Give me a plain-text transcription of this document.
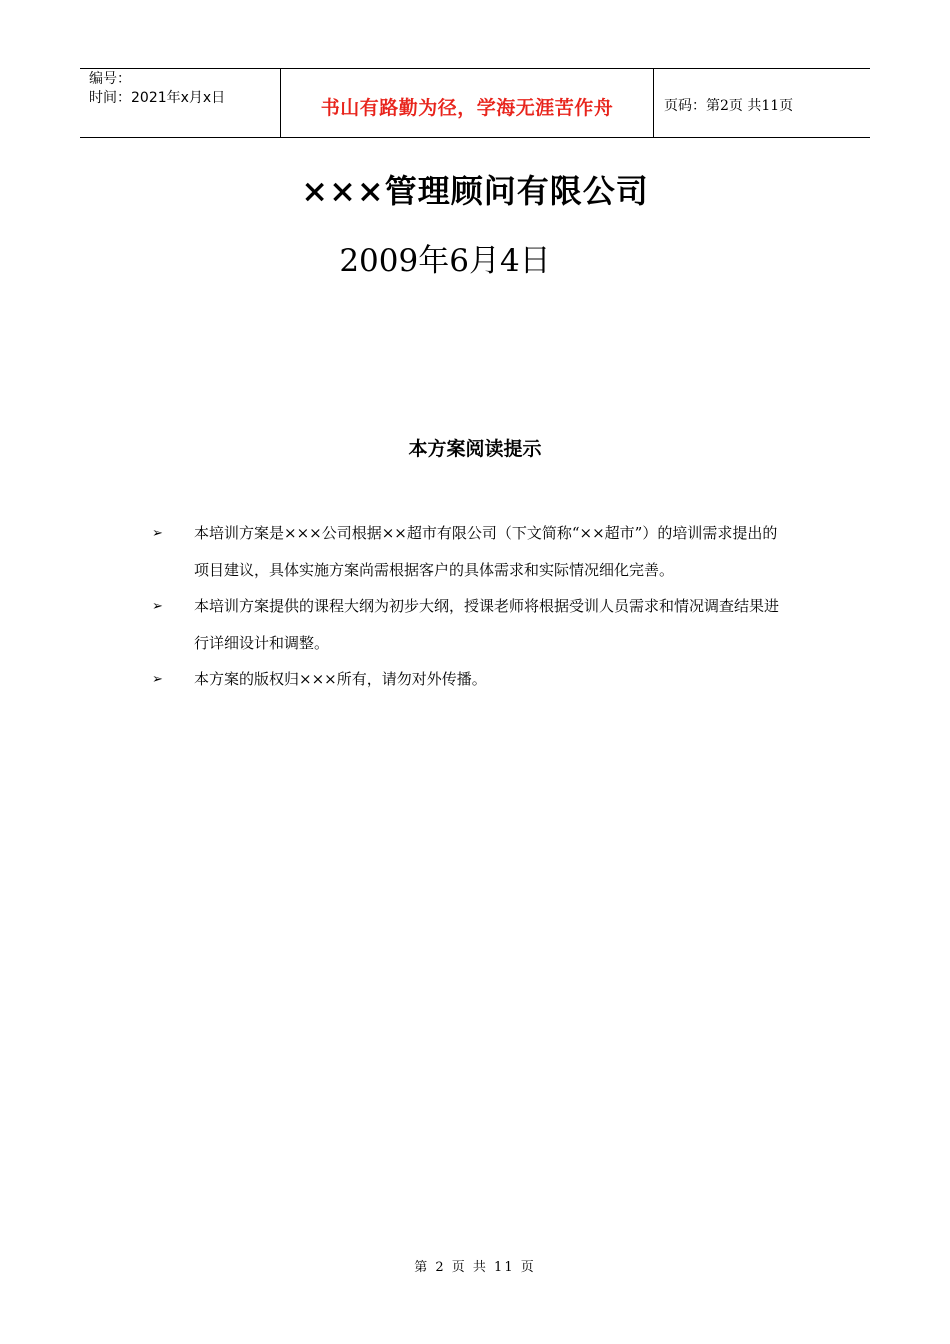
编号：
时间：2021年x月x日	书山有路勤为径，学海无涯苦作舟	页码：第2页 共11页
×××管理顾问有限公司
2009年6月4日
本方案阅读提示
➢ 本培训方案是×××公司根据××超市有限公司（下文简称“××超市”）的培训需求提出的项目建议，具体实施方案尚需根据客户的具体需求和实际情况细化完善。
➢ 本培训方案提供的课程大纲为初步大纲，授课老师将根据受训人员需求和情况调查结果进行详细设计和调整。
➢ 本方案的版权归×××所有，请勿对外传播。
第 2 页 共 11 页
